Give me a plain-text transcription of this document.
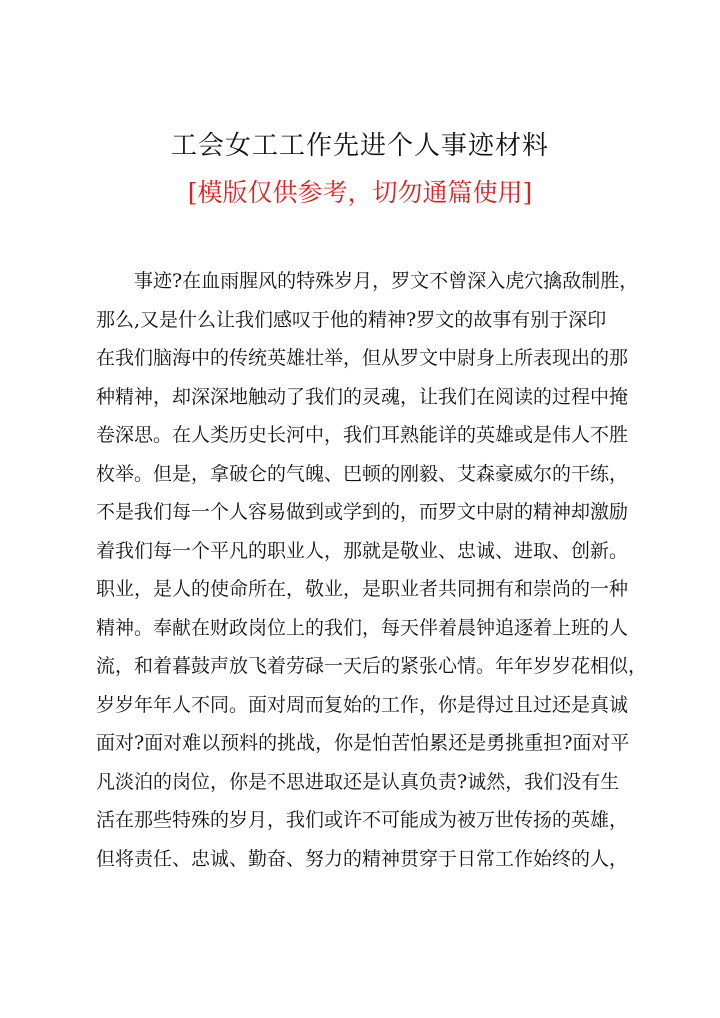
工会女工工作先进个人事迹材料
[模版仅供参考，切勿通篇使用]
事迹?在血雨腥风的特殊岁月，罗文不曾深入虎穴擒敌制胜，
那么,又是什么让我们感叹于他的精神?罗文的故事有别于深印
在我们脑海中的传统英雄壮举，但从罗文中尉身上所表现出的那
种精神，却深深地触动了我们的灵魂，让我们在阅读的过程中掩
卷深思。在人类历史长河中，我们耳熟能详的英雄或是伟人不胜
枚举。但是，拿破仑的气魄、巴顿的刚毅、艾森豪威尔的干练，
不是我们每一个人容易做到或学到的，而罗文中尉的精神却激励
着我们每一个平凡的职业人，那就是敬业、忠诚、进取、创新。
职业，是人的使命所在，敬业，是职业者共同拥有和崇尚的一种
精神。奉献在财政岗位上的我们，每天伴着晨钟追逐着上班的人
流，和着暮鼓声放飞着劳碌一天后的紧张心情。年年岁岁花相似，
岁岁年年人不同。面对周而复始的工作，你是得过且过还是真诚
面对?面对难以预料的挑战，你是怕苦怕累还是勇挑重担?面对平
凡淡泊的岗位，你是不思进取还是认真负责?诚然，我们没有生
活在那些特殊的岁月，我们或许不可能成为被万世传扬的英雄，
但将责任、忠诚、勤奋、努力的精神贯穿于日常工作始终的人，
